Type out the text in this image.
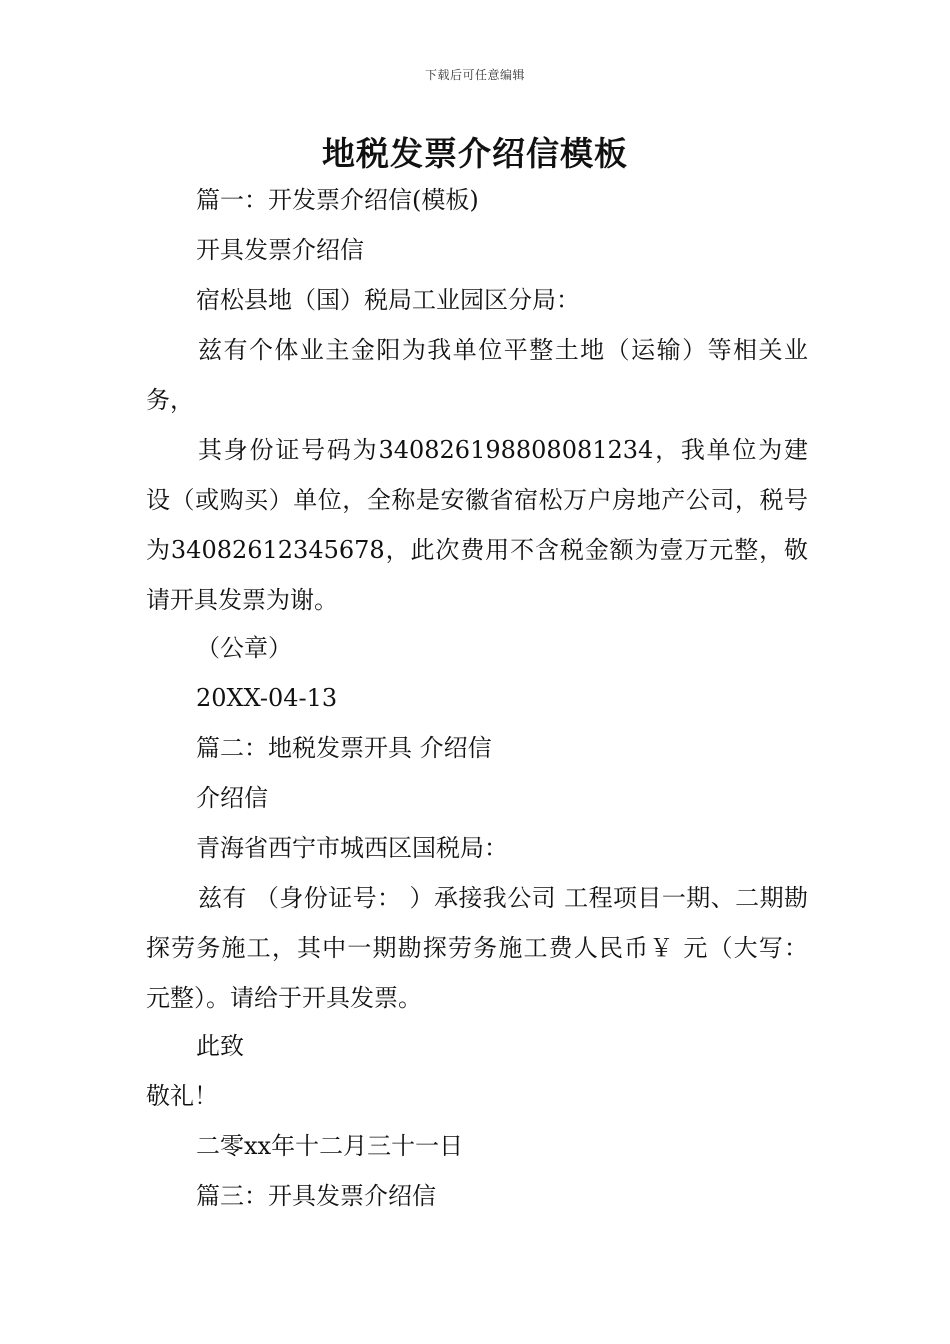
下载后可任意编辑
地税发票介绍信模板

篇一：开发票介绍信(模板)

开具发票介绍信

宿松县地（国）税局工业园区分局：

兹有个体业主金阳为我单位平整土地（运输）等相关业务，

其身份证号码为340826198808081234，我单位为建设（或购买）单位，全称是安徽省宿松万户房地产公司，税号为34082612345678，此次费用不含税金额为壹万元整，敬请开具发票为谢。

（公章）

20XX-04-13

篇二：地税发票开具 介绍信

介绍信

青海省西宁市城西区国税局：

兹有 （身份证号： ）承接我公司 工程项目一期、二期勘探劳务施工，其中一期勘探劳务施工费人民币￥ 元（大写： 元整）。请给于开具发票。

此致

敬礼！

二零xx年十二月三十一日

篇三：开具发票介绍信
